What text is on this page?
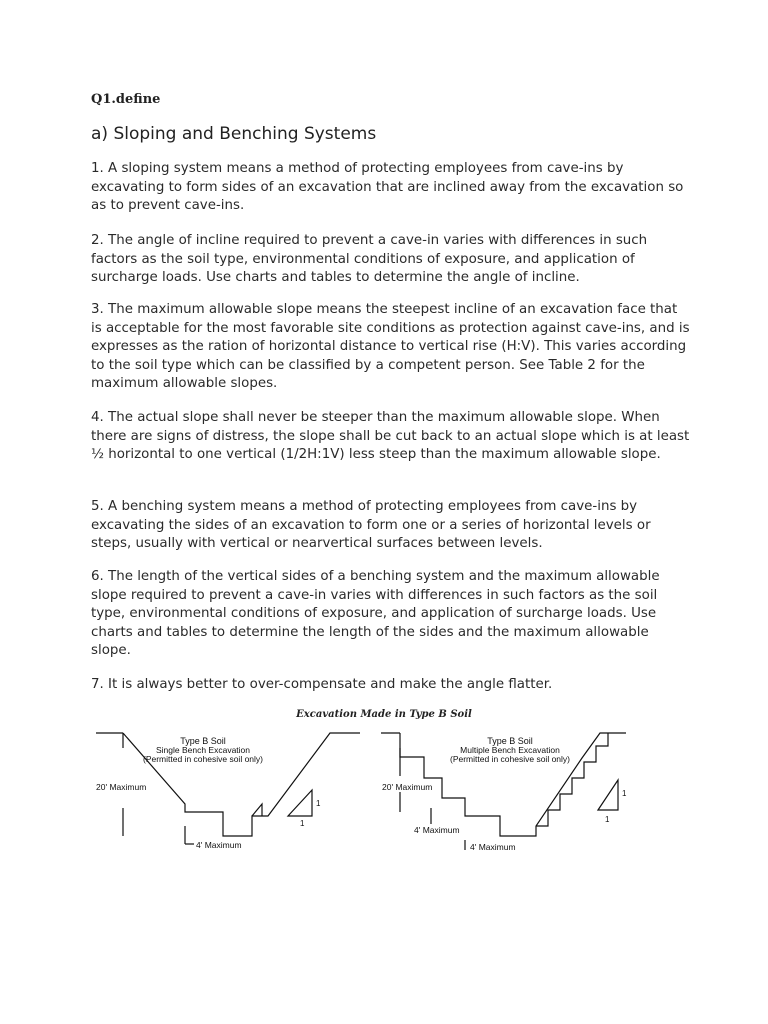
Q1.define
a) Sloping and Benching Systems
1. A sloping system means a method of protecting employees from cave-ins by excavating to form sides of an excavation that are inclined away from the excavation so as to prevent cave-ins.
2. The angle of incline required to prevent a cave-in varies with differences in such factors as the soil type, environmental conditions of exposure, and application of surcharge loads. Use charts and tables to determine the angle of incline.
3. The maximum allowable slope means the steepest incline of an excavation face that is acceptable for the most favorable site conditions as protection against cave-ins, and is expresses as the ration of horizontal distance to vertical rise (H:V). This varies according to the soil type which can be classified by a competent person. See Table 2 for the maximum allowable slopes.
4. The actual slope shall never be steeper than the maximum allowable slope. When there are signs of distress, the slope shall be cut back to an actual slope which is at least ½ horizontal to one vertical (1/2H:1V) less steep than the maximum allowable slope.
5. A benching system means a method of protecting employees from cave-ins by excavating the sides of an excavation to form one or a series of horizontal levels or steps, usually with vertical or nearvertical surfaces between levels.
6. The length of the vertical sides of a benching system and the maximum allowable slope required to prevent a cave-in varies with differences in such factors as the soil type, environmental conditions of exposure, and application of surcharge loads. Use charts and tables to determine the length of the sides and the maximum allowable slope.
7. It is always better to over-compensate and make the angle flatter.
Excavation Made in Type B Soil
Type B Soil
Single Bench Excavation
(Permitted in cohesive soil only)
20' Maximum
4' Maximum
1
1
Type B Soil
Multiple Bench Excavation
(Permitted in cohesive soil only)
20' Maximum
4' Maximum
4' Maximum
1
1
